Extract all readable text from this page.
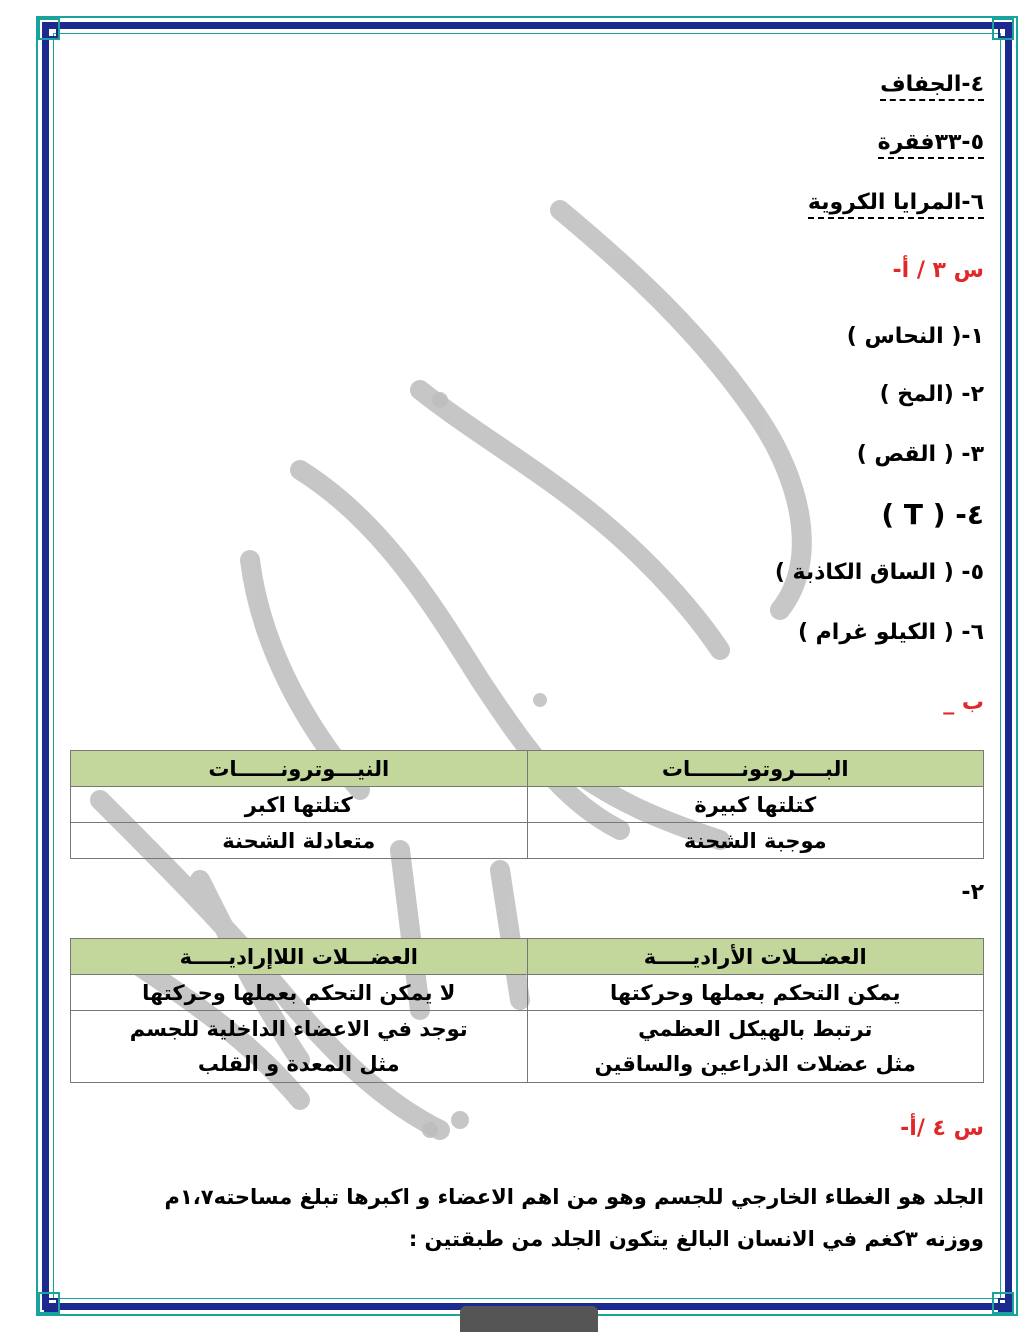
٤-الجفاف
٥-٣٣فقرة
٦-المرايا الكروية
س ٣ / أ-
١-( النحاس )
٢- (المخ )
٣- ( القص )
٤- ( T )
٥- ( الساق الكاذبة )
٦- ( الكيلو غرام )
ب _
البــــروتونـــــــات	النيـــوترونــــــات
كتلتها كبيرة	كتلتها اكبر
موجبة الشحنة	متعادلة الشحنة
٢-
العضـــلات الأراديـــــة	العضـــلات اللاإراديـــــة
يمكن التحكم بعملها وحركتها	لا يمكن التحكم بعملها وحركتها
ترتبط بالهيكل العظمي	توجد في الاعضاء الداخلية للجسم
مثل عضلات الذراعين والساقين	مثل المعدة و القلب
س ٤ /أ-
الجلد هو الغطاء الخارجي للجسم وهو من اهم الاعضاء و اكبرها تبلغ مساحته١،٧م
ووزنه ٣كغم في الانسان البالغ يتكون الجلد من طبقتين :
